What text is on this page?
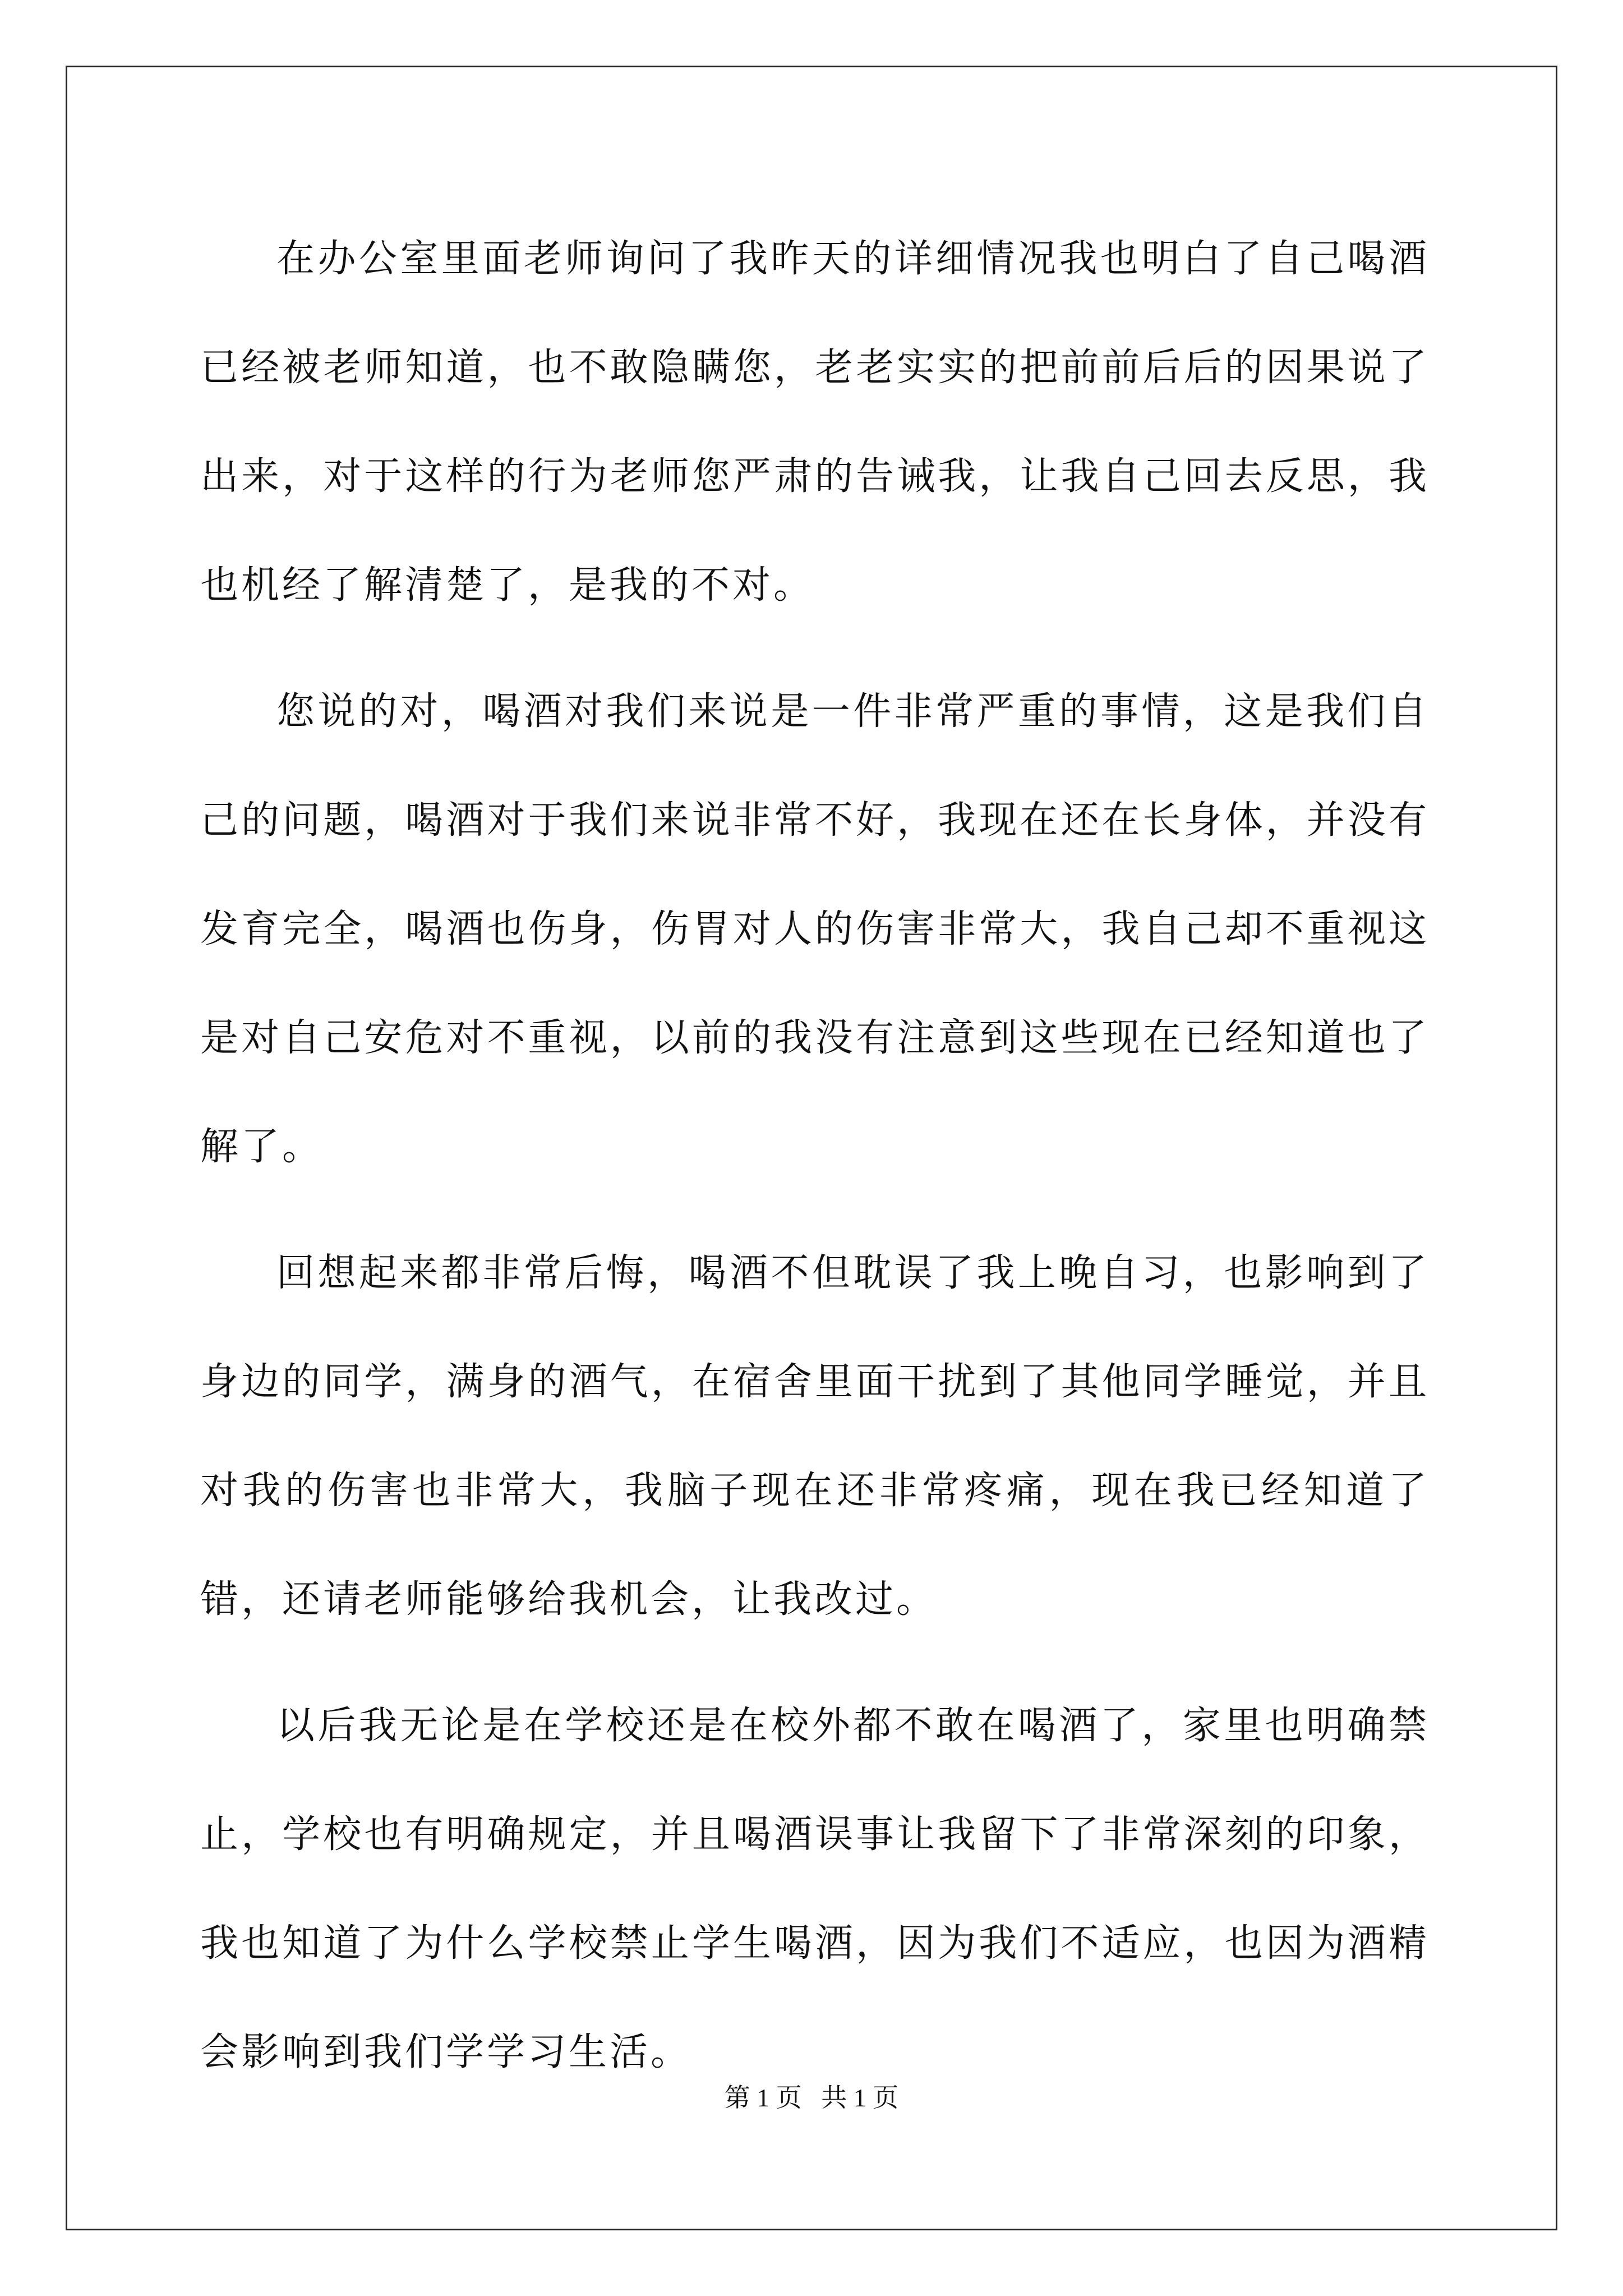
在办公室里面老师询问了我昨天的详细情况我也明白了自己喝酒已经被老师知道，也不敢隐瞒您，老老实实的把前前后后的因果说了出来，对于这样的行为老师您严肃的告诫我，让我自己回去反思，我也机经了解清楚了，是我的不对。

您说的对，喝酒对我们来说是一件非常严重的事情，这是我们自己的问题，喝酒对于我们来说非常不好，我现在还在长身体，并没有发育完全，喝酒也伤身，伤胃对人的伤害非常大，我自己却不重视这是对自己安危对不重视，以前的我没有注意到这些现在已经知道也了解了。

回想起来都非常后悔，喝酒不但耽误了我上晚自习，也影响到了身边的同学，满身的酒气，在宿舍里面干扰到了其他同学睡觉，并且对我的伤害也非常大，我脑子现在还非常疼痛，现在我已经知道了错，还请老师能够给我机会，让我改过。

以后我无论是在学校还是在校外都不敢在喝酒了，家里也明确禁止，学校也有明确规定，并且喝酒误事让我留下了非常深刻的印象，我也知道了为什么学校禁止学生喝酒，因为我们不适应，也因为酒精会影响到我们学学习生活。

第 1 页 共 1 页
